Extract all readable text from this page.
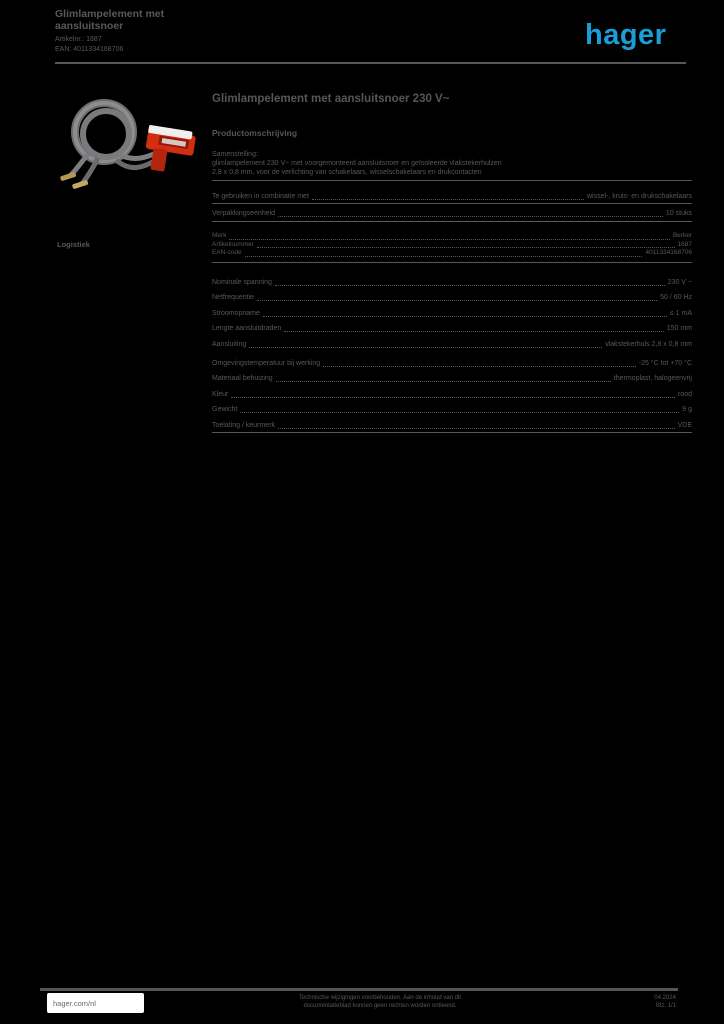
Glimlampelement met
aansluitsnoer
Artikelnr.: 1687
EAN: 4011334168706	hager
Glimlampelement met aansluitsnoer 230 V~
Productomschrijving
Samenstelling:
glimlampelement 230 V~ met voorgemonteerd aansluitsnoer en geïsoleerde vlakstekerhulzen
2,8 x 0,8 mm, voor de verlichting van schakelaars, wisselschakelaars en drukcontacten
Te gebruiken in combinatie met	wissel-, kruis- en drukschakelaars
Verpakkingseenheid	10 stuks
Logistiek
Merk	Berker
Artikelnummer	1687
EAN-code	4011334168706
Nominale spanning	230 V ~
Netfrequentie	50 / 60 Hz
Stroomopname	≤ 1 mA
Lengte aansluitdraden	150 mm
Aansluiting	vlakstekerhuls 2,8 x 0,8 mm
Omgevingstemperatuur bij werking	-25 °C tot +70 °C
Materiaal behuizing	thermoplast, halogeenvrij
Kleur	rood
Gewicht	9 g
Toelating / keurmerk	VDE
hager.com/nl
Technische wijzigingen voorbehouden. Aan de inhoud van dit
documentatieblad kunnen geen rechten worden ontleend.
04.2024
Blz. 1/1
